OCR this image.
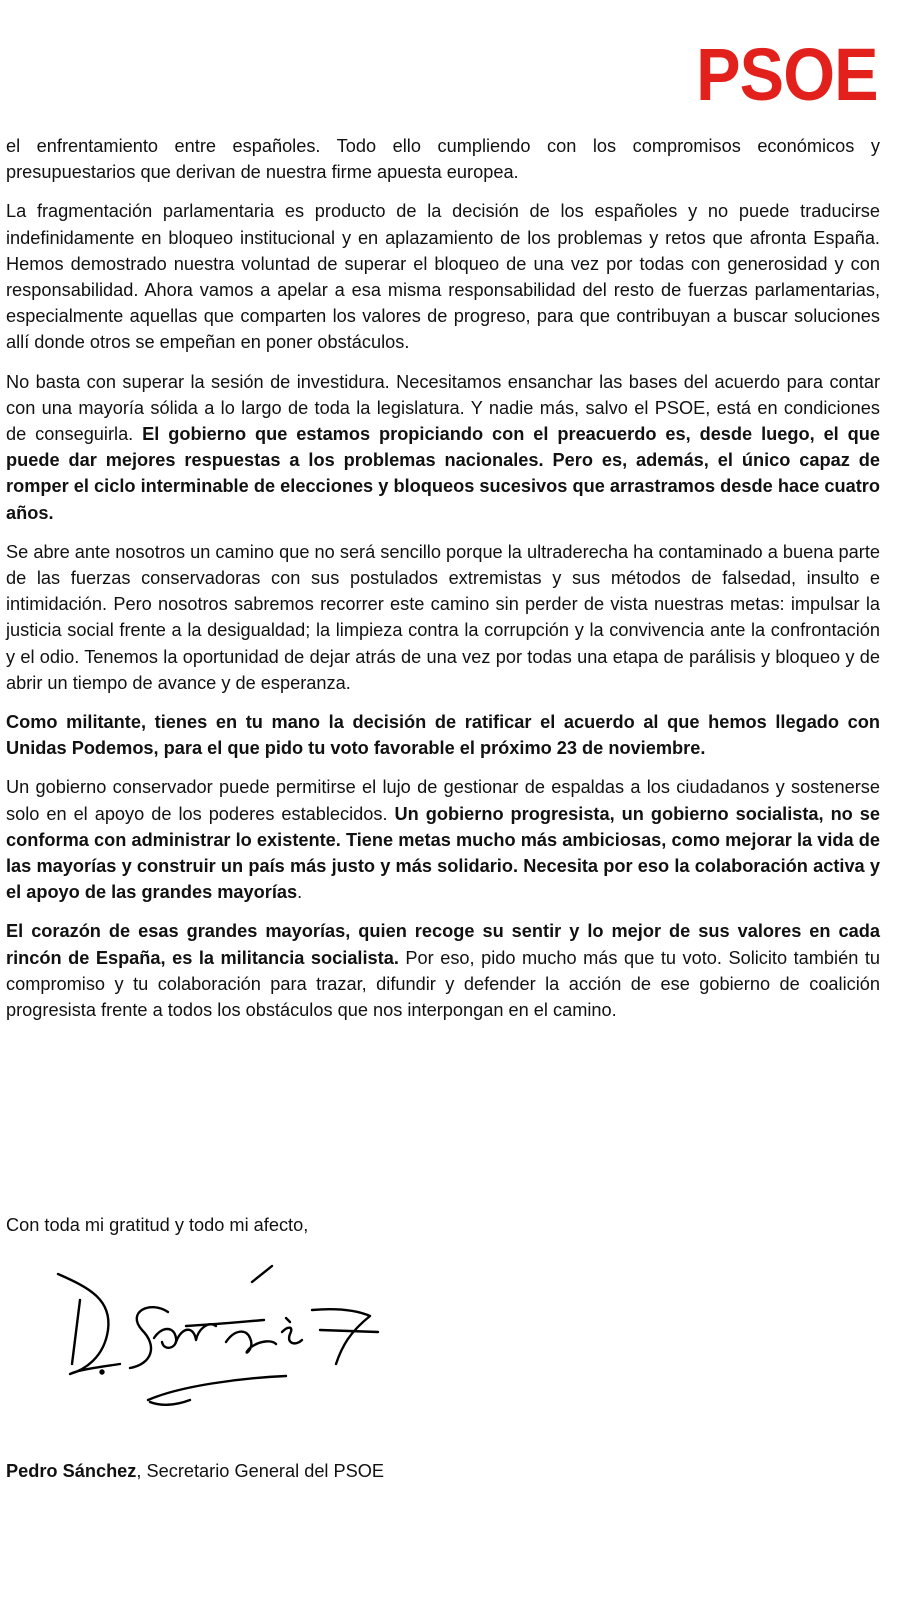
PSOE

el enfrentamiento entre españoles. Todo ello cumpliendo con los compromisos económicos y presupuestarios que derivan de nuestra firme apuesta europea.

La fragmentación parlamentaria es producto de la decisión de los españoles y no puede traducirse indefinidamente en bloqueo institucional y en aplazamiento de los problemas y retos que afronta España. Hemos demostrado nuestra voluntad de superar el bloqueo de una vez por todas con generosidad y con responsabilidad. Ahora vamos a apelar a esa misma responsabilidad del resto de fuerzas parlamentarias, especialmente aquellas que comparten los valores de progreso, para que contribuyan a buscar soluciones allí donde otros se empeñan en poner obstáculos.

No basta con superar la sesión de investidura. Necesitamos ensanchar las bases del acuerdo para contar con una mayoría sólida a lo largo de toda la legislatura. Y nadie más, salvo el PSOE, está en condiciones de conseguirla. El gobierno que estamos propiciando con el preacuerdo es, desde luego, el que puede dar mejores respuestas a los problemas nacionales. Pero es, además, el único capaz de romper el ciclo interminable de elecciones y bloqueos sucesivos que arrastramos desde hace cuatro años.

Se abre ante nosotros un camino que no será sencillo porque la ultraderecha ha contaminado a buena parte de las fuerzas conservadoras con sus postulados extremistas y sus métodos de falsedad, insulto e intimidación. Pero nosotros sabremos recorrer este camino sin perder de vista nuestras metas: impulsar la justicia social frente a la desigualdad; la limpieza contra la corrupción y la convivencia ante la confrontación y el odio. Tenemos la oportunidad de dejar atrás de una vez por todas una etapa de parálisis y bloqueo y de abrir un tiempo de avance y de esperanza.

Como militante, tienes en tu mano la decisión de ratificar el acuerdo al que hemos llegado con Unidas Podemos, para el que pido tu voto favorable el próximo 23 de noviembre.

Un gobierno conservador puede permitirse el lujo de gestionar de espaldas a los ciudadanos y sostenerse solo en el apoyo de los poderes establecidos. Un gobierno progresista, un gobierno socialista, no se conforma con administrar lo existente. Tiene metas mucho más ambiciosas, como mejorar la vida de las mayorías y construir un país más justo y más solidario. Necesita por eso la colaboración activa y el apoyo de las grandes mayorías.

El corazón de esas grandes mayorías, quien recoge su sentir y lo mejor de sus valores en cada rincón de España, es la militancia socialista. Por eso, pido mucho más que tu voto. Solicito también tu compromiso y tu colaboración para trazar, difundir y defender la acción de ese gobierno de coalición progresista frente a todos los obstáculos que nos interpongan en el camino.

Con toda mi gratitud y todo mi afecto,

Pedro Sánchez, Secretario General del PSOE
